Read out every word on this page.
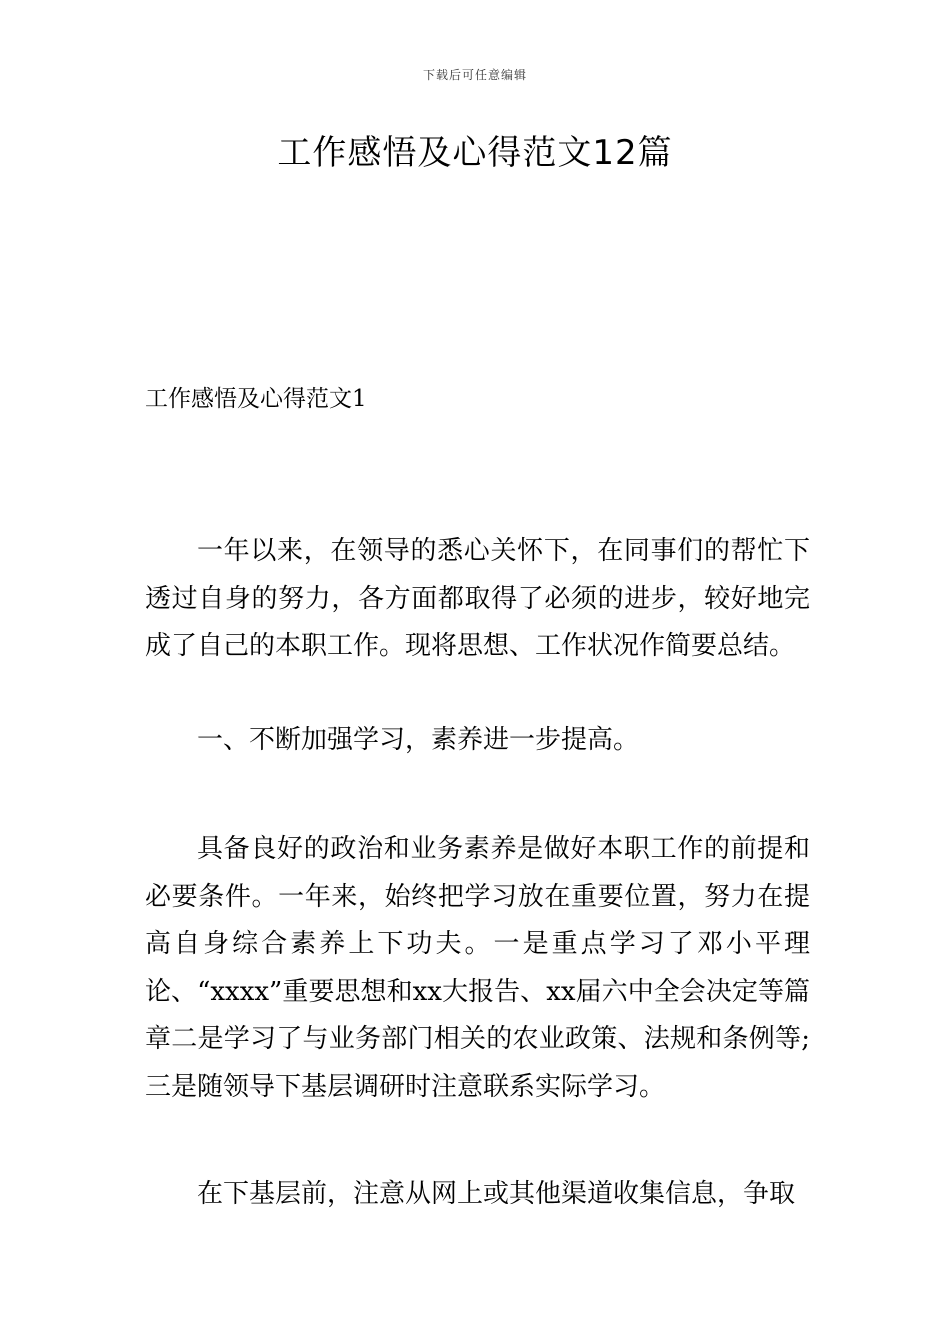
下载后可任意编辑
工作感悟及心得范文12篇
工作感悟及心得范文1

一年以来，在领导的悉心关怀下，在同事们的帮忙下透过自身的努力，各方面都取得了必须的进步，较好地完成了自己的本职工作。现将思想、工作状况作简要总结。

一、不断加强学习，素养进一步提高。

具备良好的政治和业务素养是做好本职工作的前提和必要条件。一年来，始终把学习放在重要位置，努力在提高自身综合素养上下功夫。一是重点学习了邓小平理论、“xxxx”重要思想和xx大报告、xx届六中全会决定等篇章二是学习了与业务部门相关的农业政策、法规和条例等;三是随领导下基层调研时注意联系实际学习。

在下基层前，注意从网上或其他渠道收集信息，争取
